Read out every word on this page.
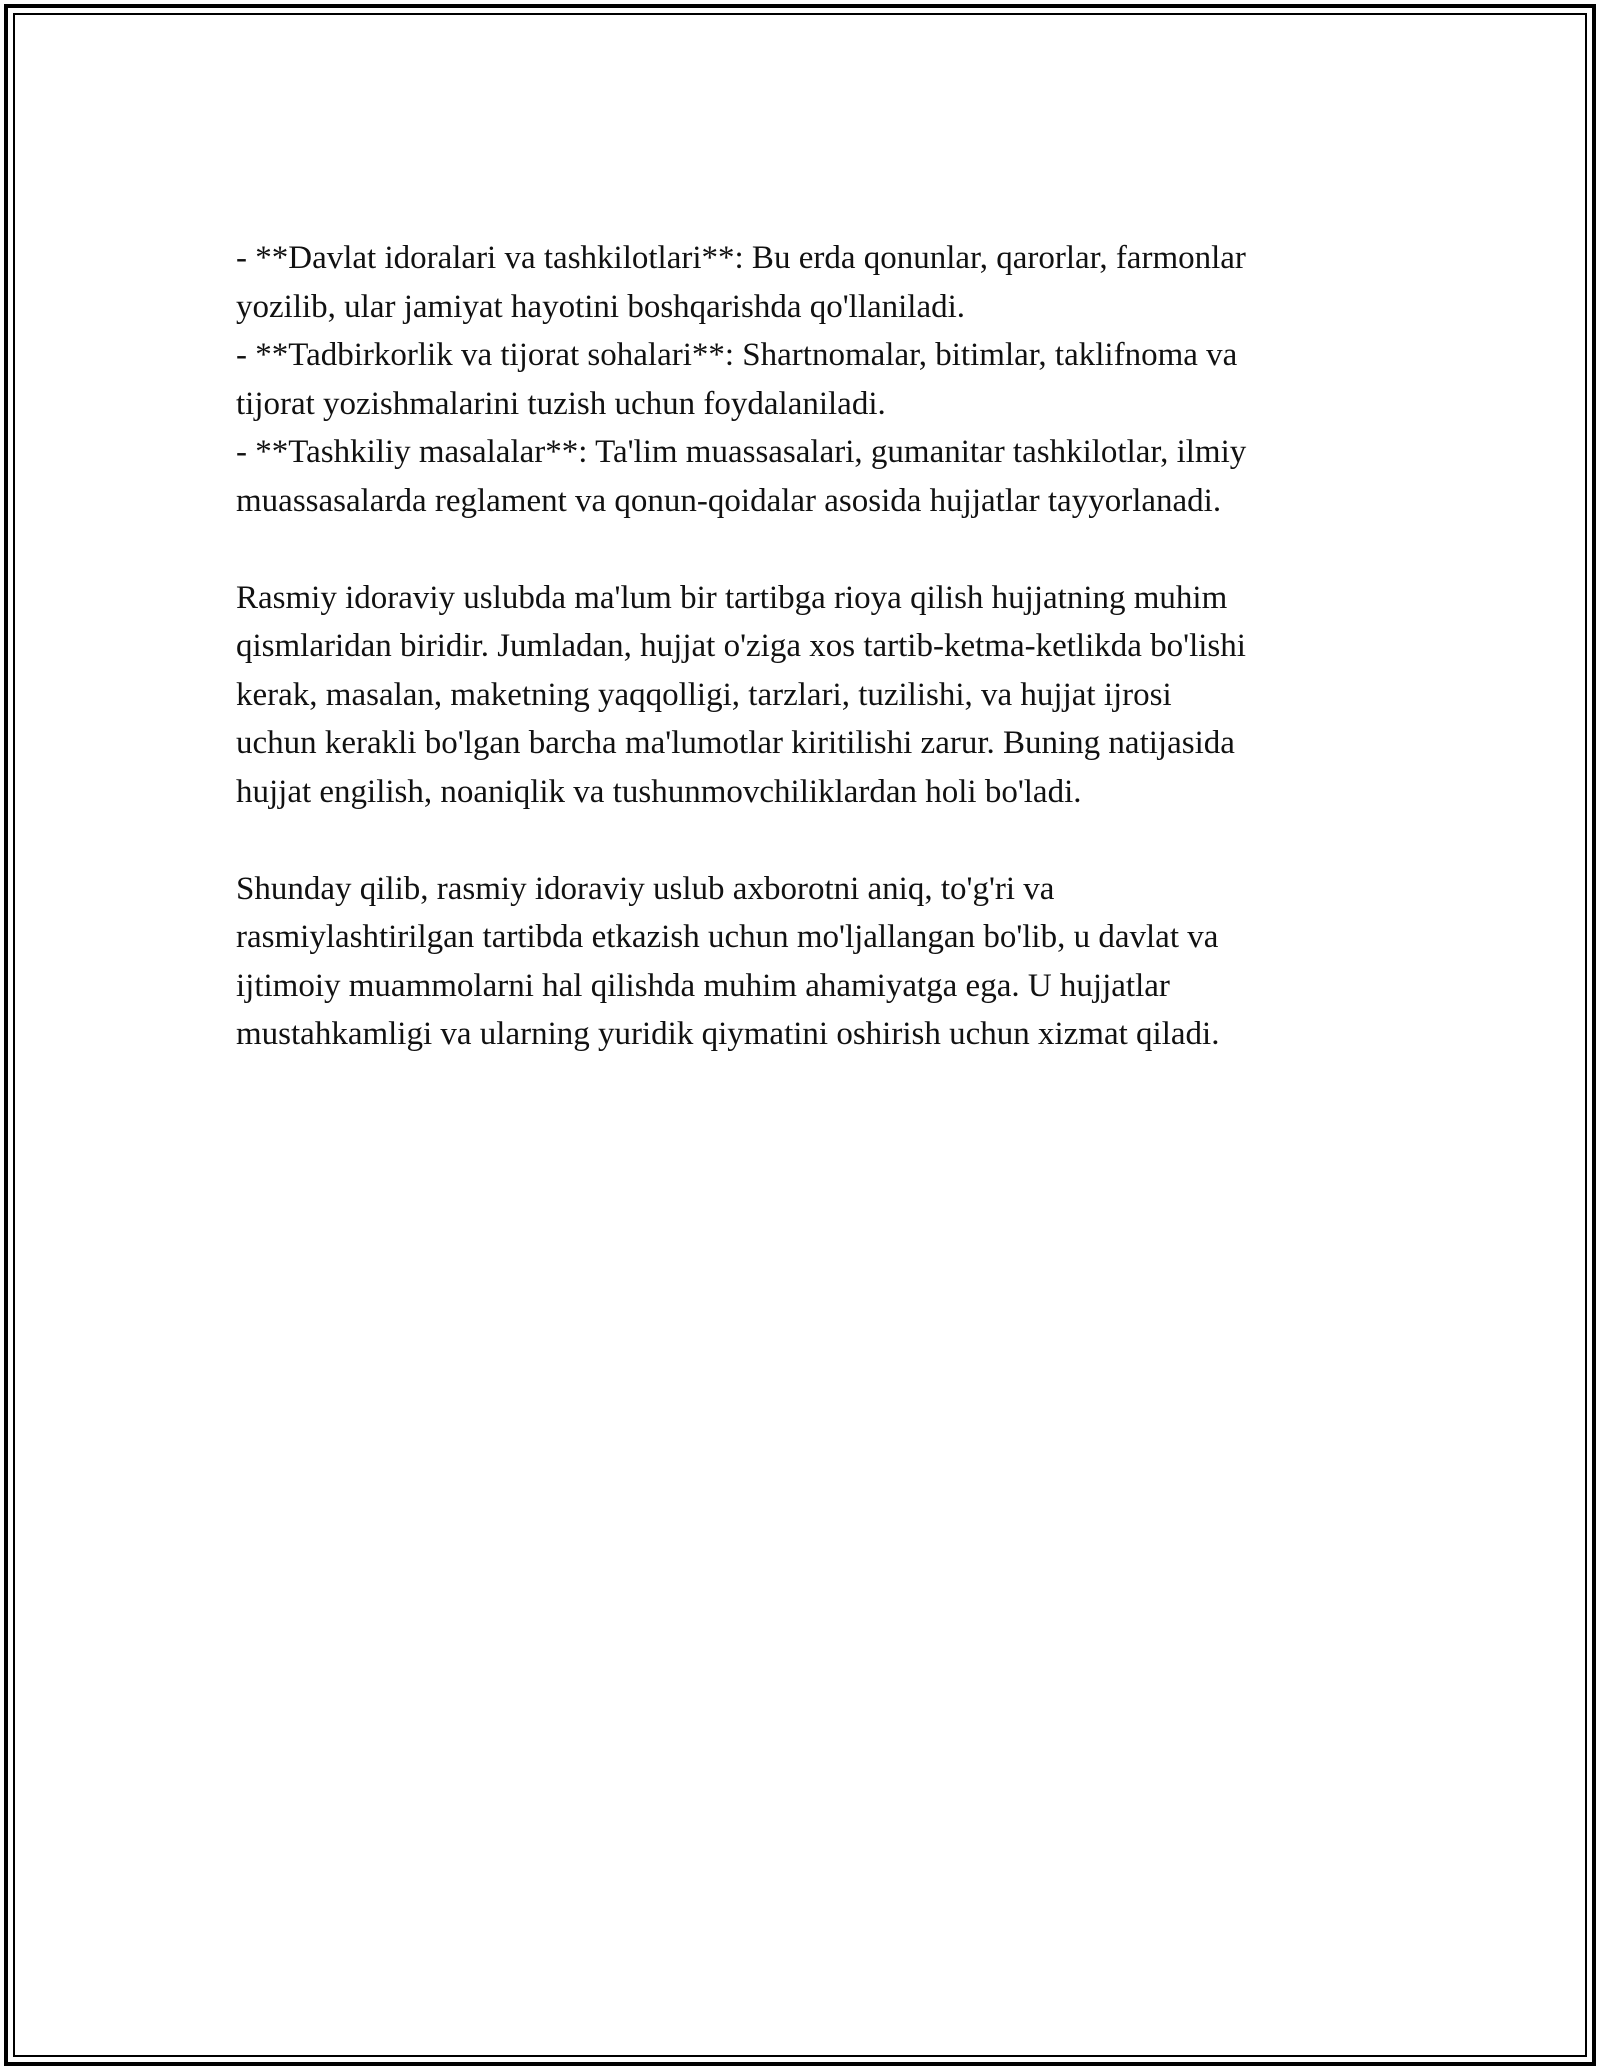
- **Davlat idoralari va tashkilotlari**: Bu erda qonunlar, qarorlar, farmonlar
yozilib, ular jamiyat hayotini boshqarishda qo'llaniladi.
- **Tadbirkorlik va tijorat sohalari**: Shartnomalar, bitimlar, taklifnoma va
tijorat yozishmalarini tuzish uchun foydalaniladi.
- **Tashkiliy masalalar**: Ta'lim muassasalari, gumanitar tashkilotlar, ilmiy
muassasalarda reglament va qonun-qoidalar asosida hujjatlar tayyorlanadi.
Rasmiy idoraviy uslubda ma'lum bir tartibga rioya qilish hujjatning muhim
qismlaridan biridir. Jumladan, hujjat o'ziga xos tartib-ketma-ketlikda bo'lishi
kerak, masalan, maketning yaqqolligi, tarzlari, tuzilishi, va hujjat ijrosi
uchun kerakli bo'lgan barcha ma'lumotlar kiritilishi zarur. Buning natijasida
hujjat engilish, noaniqlik va tushunmovchiliklardan holi bo'ladi.
Shunday qilib, rasmiy idoraviy uslub axborotni aniq, to'g'ri va
rasmiylashtirilgan tartibda etkazish uchun mo'ljallangan bo'lib, u davlat va
ijtimoiy muammolarni hal qilishda muhim ahamiyatga ega. U hujjatlar
mustahkamligi va ularning yuridik qiymatini oshirish uchun xizmat qiladi.
